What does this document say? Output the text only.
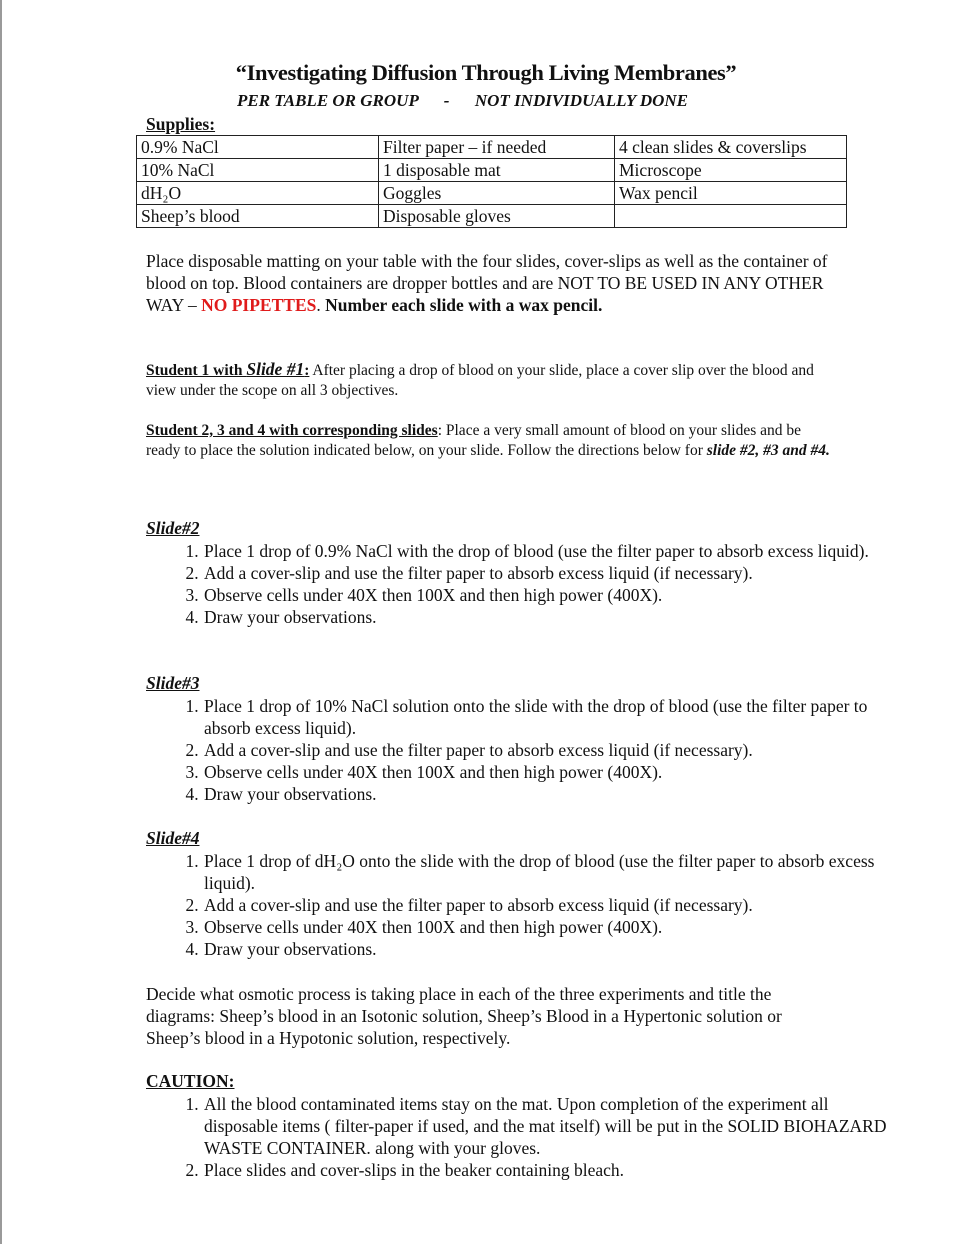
“Investigating Diffusion Through Living Membranes”
PER TABLE OR GROUP - NOT INDIVIDUALLY DONE
Supplies:
0.9% NaCl	Filter paper – if needed	4 clean slides & coverslips
10% NaCl	1 disposable mat	Microscope
dH₂O	Goggles	Wax pencil
Sheep’s blood	Disposable gloves	
Place disposable matting on your table with the four slides, cover-slips as well as the container of blood on top. Blood containers are dropper bottles and are NOT TO BE USED IN ANY OTHER WAY – NO PIPETTES. Number each slide with a wax pencil.
Student 1 with Slide #1: After placing a drop of blood on your slide, place a cover slip over the blood and view under the scope on all 3 objectives.
Student 2, 3 and 4 with corresponding slides: Place a very small amount of blood on your slides and be ready to place the solution indicated below, on your slide. Follow the directions below for slide #2, #3 and #4.
Slide#2
1. Place 1 drop of 0.9% NaCl with the drop of blood (use the filter paper to absorb excess liquid).
2. Add a cover-slip and use the filter paper to absorb excess liquid (if necessary).
3. Observe cells under 40X then 100X and then high power (400X).
4. Draw your observations.
Slide#3
1. Place 1 drop of 10% NaCl solution onto the slide with the drop of blood (use the filter paper to absorb excess liquid).
2. Add a cover-slip and use the filter paper to absorb excess liquid (if necessary).
3. Observe cells under 40X then 100X and then high power (400X).
4. Draw your observations.
Slide#4
1. Place 1 drop of dH₂O onto the slide with the drop of blood (use the filter paper to absorb excess liquid).
2. Add a cover-slip and use the filter paper to absorb excess liquid (if necessary).
3. Observe cells under 40X then 100X and then high power (400X).
4. Draw your observations.
Decide what osmotic process is taking place in each of the three experiments and title the diagrams: Sheep’s blood in an Isotonic solution, Sheep’s Blood in a Hypertonic solution or Sheep’s blood in a Hypotonic solution, respectively.
CAUTION:
1. All the blood contaminated items stay on the mat. Upon completion of the experiment all disposable items ( filter-paper if used, and the mat itself) will be put in the SOLID BIOHAZARD WASTE CONTAINER. along with your gloves.
2. Place slides and cover-slips in the beaker containing bleach.
